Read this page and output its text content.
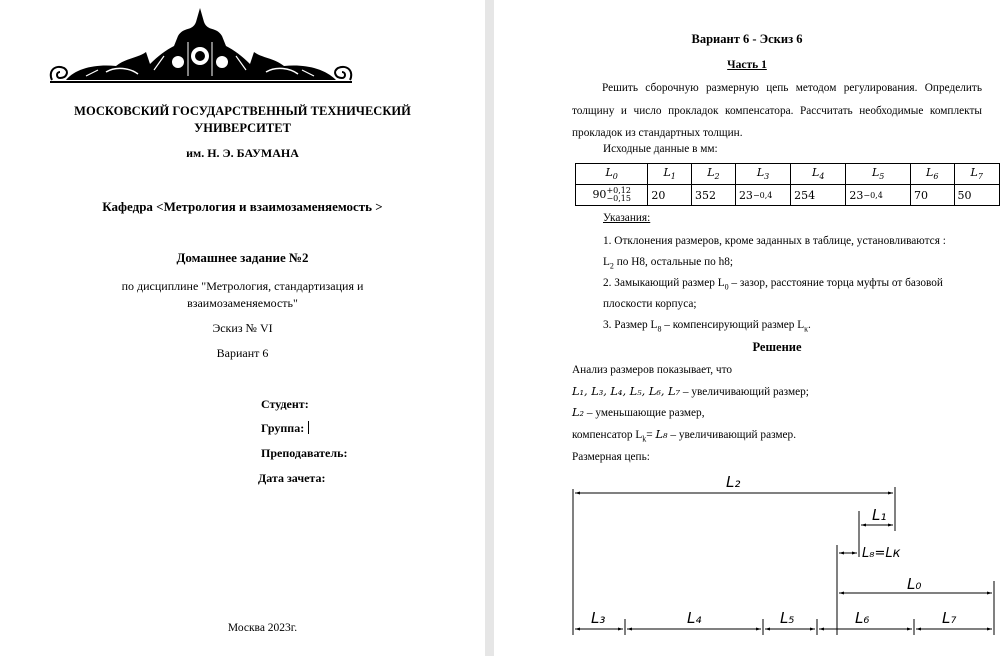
МОСКОВСКИЙ ГОСУДАРСТВЕННЫЙ ТЕХНИЧЕСКИЙ
УНИВЕРСИТЕТ
им. Н. Э. БАУМАНА
Кафедра <Метрология и взаимозаменяемость >
Домашнее задание №2
по дисциплине "Метрология, стандартизация и
взаимозаменяемость"
Эскиз № VI
Вариант 6
Студент:
Группа:
Преподаватель:
Дата зачета:
Москва 2023г.
Вариант 6 - Эскиз 6
Часть 1
Решить сборочную размерную цепь методом регулирования. Определить толщину и число прокладок компенсатора. Рассчитать необходимые комплекты прокладок из стандартных толщин.
Исходные данные в мм:
$L_0$	$L_1$	$L_2$	$L_3$	$L_4$	$L_5$	$L_6$	$L_7$
90+0,12
−0,15	20	352	23−0,4	254	23−0,4	70	50
Указания:
1. Отклонения размеров, кроме заданных в таблице, установливаются :
$L_2$ по H8, остальные по h8;
2. Замыкающий размер $L_0$ – зазор, расстояние торца муфты от базовой
плоскости корпуса;
3. Размер $L_8$ – компенсирующий размер $L_к$.
Решение
Анализ размеров показывает, что
L₁, L₃, L₄, L₅, L₆, L₇ – увеличивающий размер;
L₂ – уменьшающие размер,
компенсатор $L_k= L_8$ – увеличивающий размер.
Размерная цепь:
L₂
L₁
L₈=Lк
L₀
L₃	L₄	L₅	L₆	L₇
